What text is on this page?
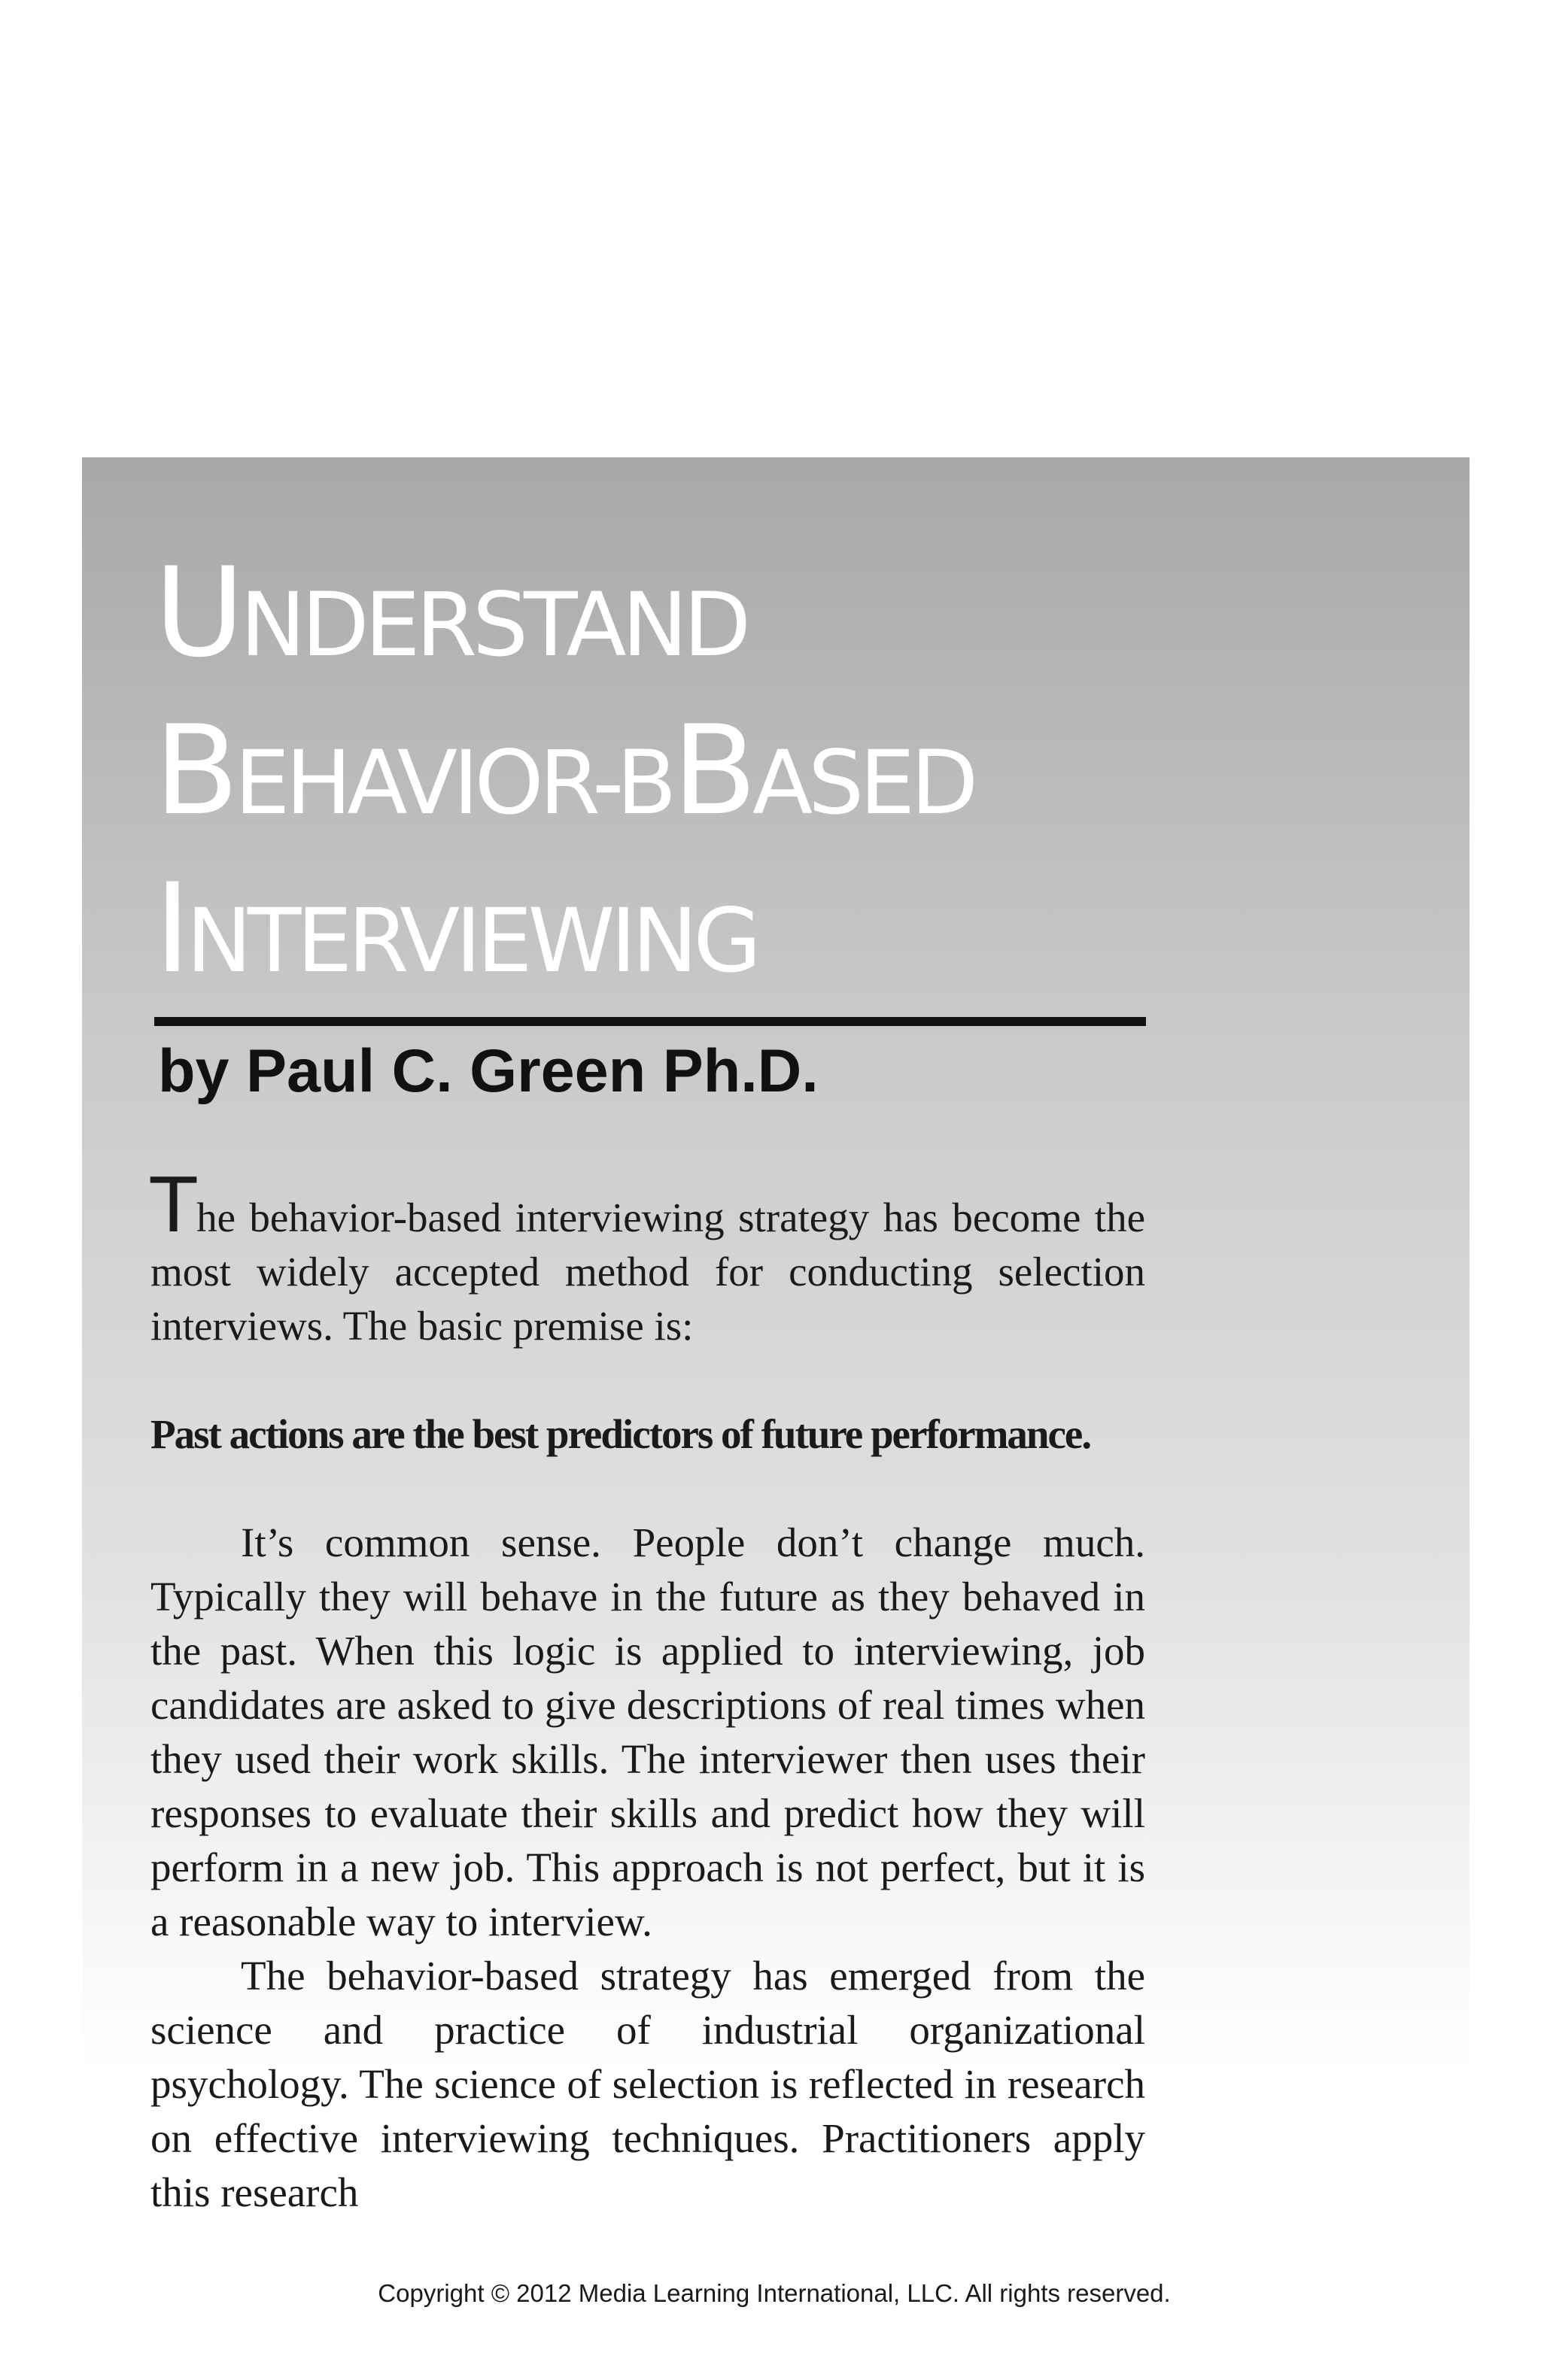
UNDERSTAND
BEHAVIOR-BBASED
INTERVIEWING
by Paul C. Green Ph.D.

The behavior-based interviewing strategy has become the most widely accepted method for conducting selection interviews. The basic premise is:

Past actions are the best predictors of future performance.

It’s common sense. People don’t change much. Typically they will behave in the future as they behaved in the past. When this logic is applied to interviewing, job candidates are asked to give descriptions of real times when they used their work skills. The interviewer then uses their responses to evaluate their skills and predict how they will perform in a new job. This approach is not perfect, but it is a reasonable way to interview.

The behavior-based strategy has emerged from the science and practice of industrial organizational psychology. The science of selection is reflected in research on effective interviewing techniques. Practitioners apply this research

Copyright © 2012 Media Learning International, LLC. All rights reserved.
